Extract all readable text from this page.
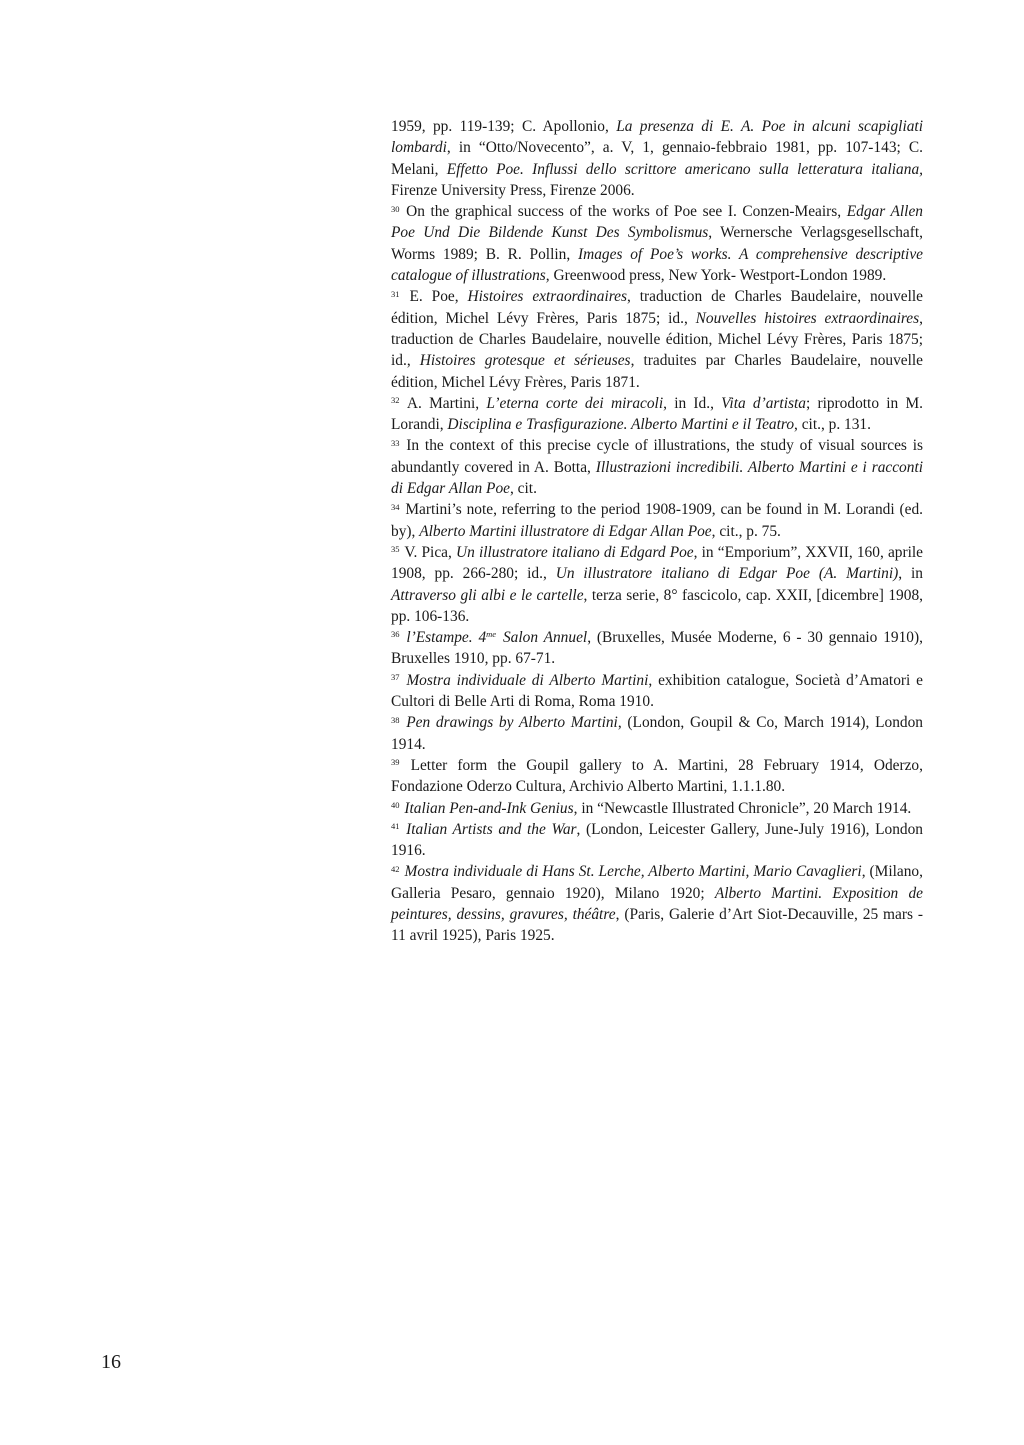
1959, pp. 119-139; C. Apollonio, La presenza di E. A. Poe in alcuni scapigliati lombardi, in “Otto/Novecento”, a. V, 1, gennaio-febbraio 1981, pp. 107-143; C. Melani, Effetto Poe. Influssi dello scrittore americano sulla letteratura italiana, Firenze University Press, Firenze 2006.

$^{30}$ On the graphical success of the works of Poe see I. Conzen-Meairs, Edgar Allen Poe Und Die Bildende Kunst Des Symbolismus, Wernersche Verlagsgesellschaft, Worms 1989; B. R. Pollin, Images of Poe’s works. A comprehensive descriptive catalogue of illustrations, Greenwood press, New York- Westport-London 1989.

$^{31}$ E. Poe, Histoires extraordinaires, traduction de Charles Baudelaire, nouvelle édition, Michel Lévy Frères, Paris 1875; id., Nouvelles histoires extraordinaires, traduction de Charles Baudelaire, nouvelle édition, Michel Lévy Frères, Paris 1875; id., Histoires grotesque et sérieuses, traduites par Charles Baudelaire, nouvelle édition, Michel Lévy Frères, Paris 1871.

$^{32}$ A. Martini, L’eterna corte dei miracoli, in Id., Vita d’artista; riprodotto in M. Lorandi, Disciplina e Trasfigurazione. Alberto Martini e il Teatro, cit., p. 131.

$^{33}$ In the context of this precise cycle of illustrations, the study of visual sources is abundantly covered in A. Botta, Illustrazioni incredibili. Alberto Martini e i racconti di Edgar Allan Poe, cit.

$^{34}$ Martini’s note, referring to the period 1908-1909, can be found in M. Lorandi (ed. by), Alberto Martini illustratore di Edgar Allan Poe, cit., p. 75.

$^{35}$ V. Pica, Un illustratore italiano di Edgard Poe, in “Emporium”, XXVII, 160, aprile 1908, pp. 266-280; id., Un illustratore italiano di Edgar Poe (A. Martini), in Attraverso gli albi e le cartelle, terza serie, 8° fascicolo, cap. XXII, [dicembre] 1908, pp. 106-136.

$^{36}$ l’Estampe. $4^{me}$ Salon Annuel, (Bruxelles, Musée Moderne, 6 - 30 gennaio 1910), Bruxelles 1910, pp. 67-71.

$^{37}$ Mostra individuale di Alberto Martini, exhibition catalogue, Società d’Amatori e Cultori di Belle Arti di Roma, Roma 1910.

$^{38}$ Pen drawings by Alberto Martini, (London, Goupil & Co, March 1914), London 1914.

$^{39}$ Letter form the Goupil gallery to A. Martini, 28 February 1914, Oderzo, Fondazione Oderzo Cultura, Archivio Alberto Martini, 1.1.1.80.

$^{40}$ Italian Pen-and-Ink Genius, in “Newcastle Illustrated Chronicle”, 20 March 1914.

$^{41}$ Italian Artists and the War, (London, Leicester Gallery, June-July 1916), London 1916.

$^{42}$ Mostra individuale di Hans St. Lerche, Alberto Martini, Mario Cavaglieri, (Milano, Galleria Pesaro, gennaio 1920), Milano 1920; Alberto Martini. Exposition de peintures, dessins, gravures, théâtre, (Paris, Galerie d’Art Siot-Decauville, 25 mars - 11 avril 1925), Paris 1925.

16
